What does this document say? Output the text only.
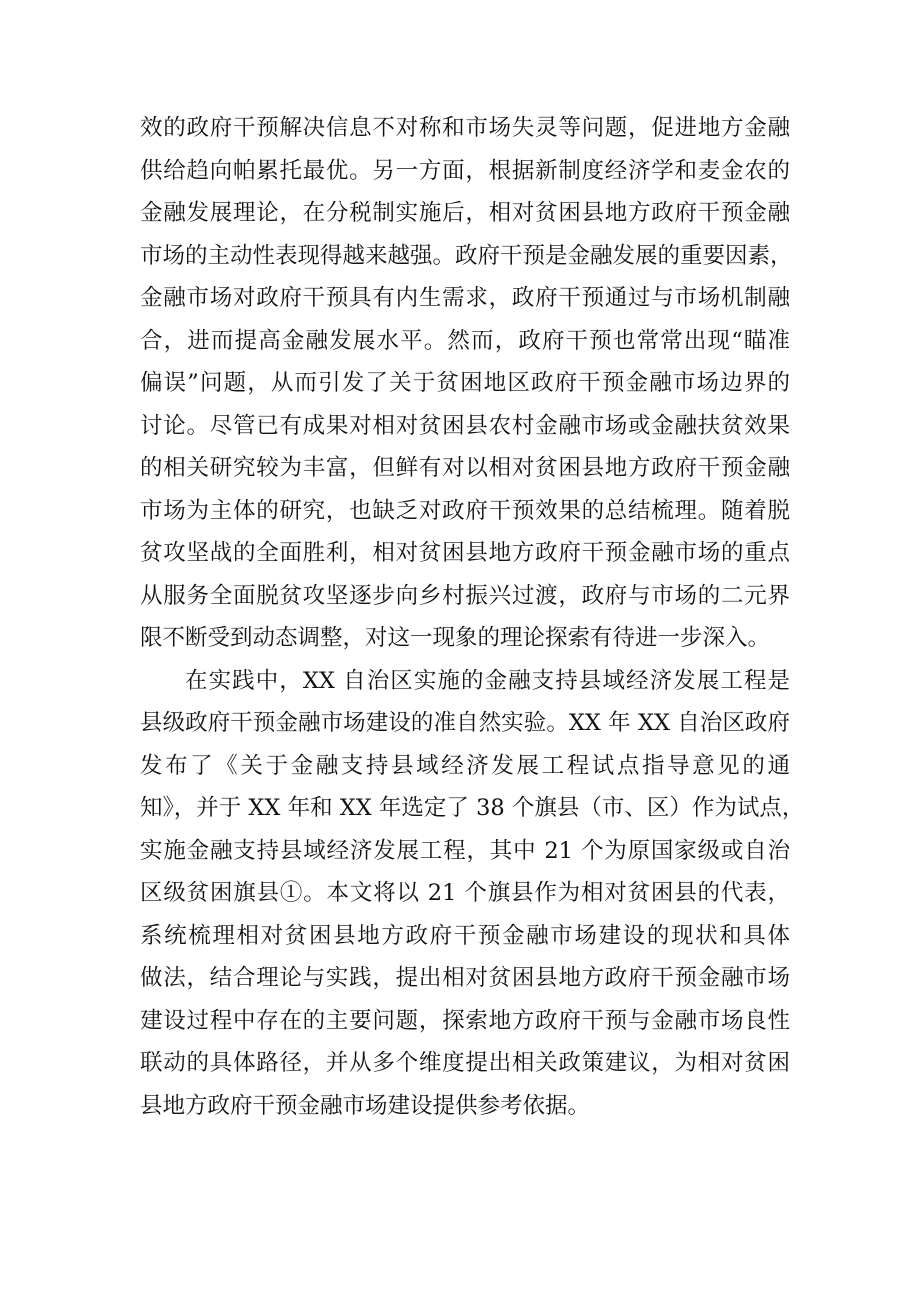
效的政府干预解决信息不对称和市场失灵等问题，促进地方金融
供给趋向帕累托最优。另一方面，根据新制度经济学和麦金农的
金融发展理论，在分税制实施后，相对贫困县地方政府干预金融
市场的主动性表现得越来越强。政府干预是金融发展的重要因素，
金融市场对政府干预具有内生需求，政府干预通过与市场机制融
合，进而提高金融发展水平。然而，政府干预也常常出现“瞄准
偏误”问题，从而引发了关于贫困地区政府干预金融市场边界的
讨论。尽管已有成果对相对贫困县农村金融市场或金融扶贫效果
的相关研究较为丰富，但鲜有对以相对贫困县地方政府干预金融
市场为主体的研究，也缺乏对政府干预效果的总结梳理。随着脱
贫攻坚战的全面胜利，相对贫困县地方政府干预金融市场的重点
从服务全面脱贫攻坚逐步向乡村振兴过渡，政府与市场的二元界
限不断受到动态调整，对这一现象的理论探索有待进一步深入。
在实践中，XX 自治区实施的金融支持县域经济发展工程是
县级政府干预金融市场建设的准自然实验。XX 年 XX 自治区政府
发布了《关于金融支持县域经济发展工程试点指导意见的通
知》，并于 XX 年和 XX 年选定了 38 个旗县（市、区）作为试点，
实施金融支持县域经济发展工程，其中 21 个为原国家级或自治
区级贫困旗县①。本文将以 21 个旗县作为相对贫困县的代表，
系统梳理相对贫困县地方政府干预金融市场建设的现状和具体
做法，结合理论与实践，提出相对贫困县地方政府干预金融市场
建设过程中存在的主要问题，探索地方政府干预与金融市场良性
联动的具体路径，并从多个维度提出相关政策建议，为相对贫困
县地方政府干预金融市场建设提供参考依据。
